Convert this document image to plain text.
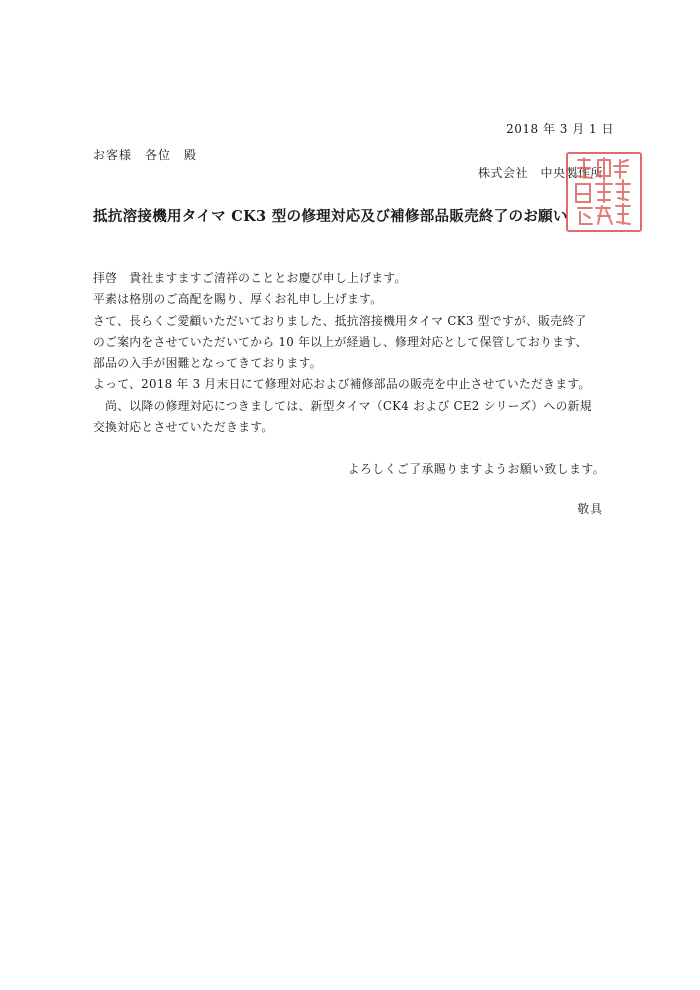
2018 年 3 月 1 日
お客様　各位　殿
株式会社　中央製作所
抵抗溶接機用タイマ CK3 型の修理対応及び補修部品販売終了のお願い

拝啓　貴社ますますご清祥のこととお慶び申し上げます。

平素は格別のご高配を賜り、厚くお礼申し上げます。

さて、長らくご愛顧いただいておりました、抵抗溶接機用タイマ CK3 型ですが、販売終了

のご案内をさせていただいてから 10 年以上が経過し、修理対応として保管しております、

部品の入手が困難となってきております。

よって、2018 年 3 月末日にて修理対応および補修部品の販売を中止させていただきます。

　尚、以降の修理対応につきましては、新型タイマ（CK4 および CE2 シリーズ）への新規

交換対応とさせていただきます。

よろしくご了承賜りますようお願い致します。
敬具
